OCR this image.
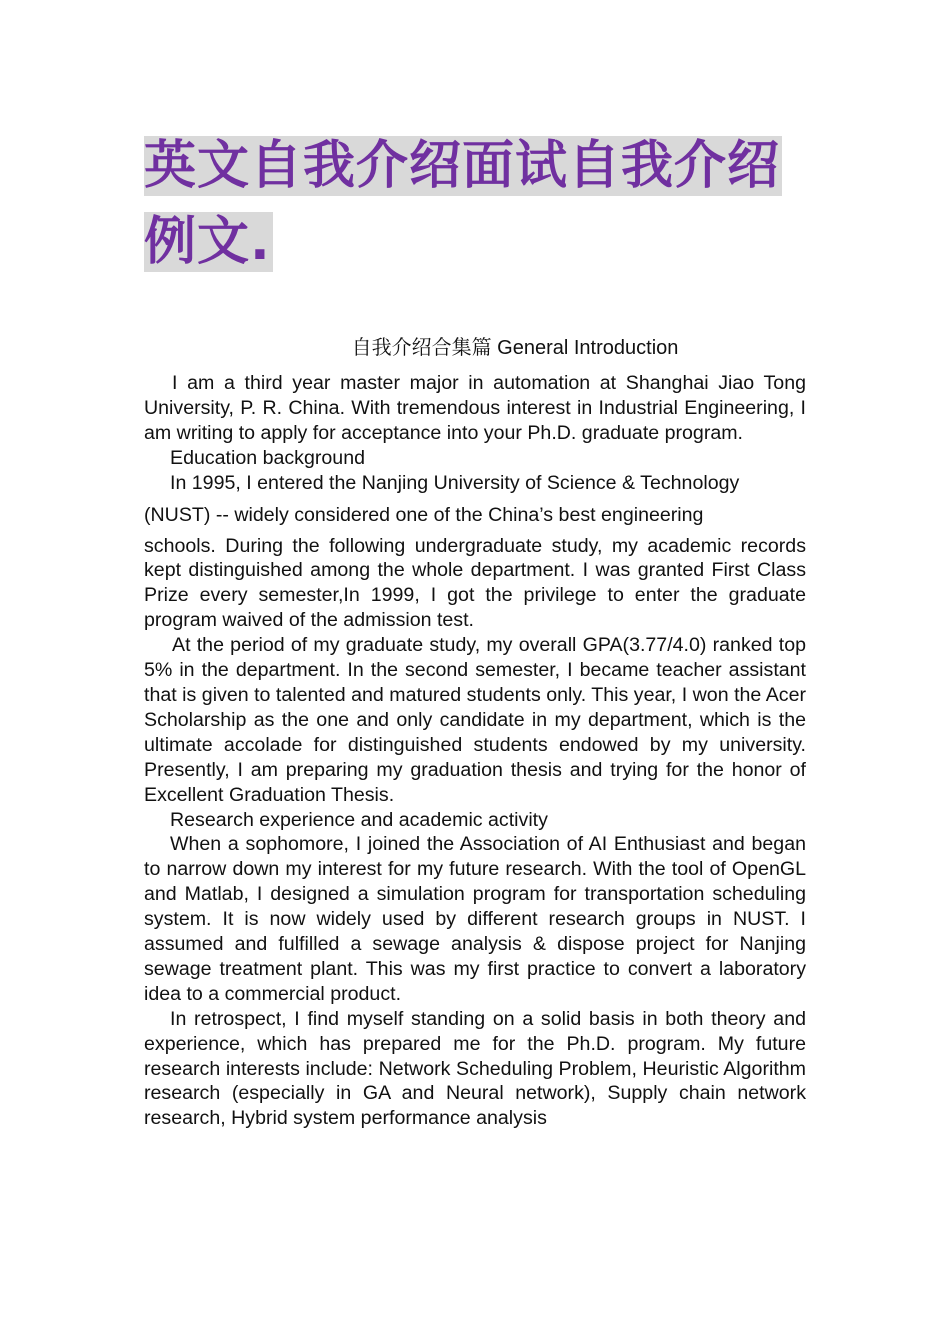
英文自我介绍面试自我介绍例文.

自我介绍合集篇 General Introduction

I am a third year master major in automation at Shanghai Jiao Tong University, P. R. China. With tremendous interest in Industrial Engineering, I am writing to apply for acceptance into your Ph.D. graduate program.

Education background

In 1995, I entered the Nanjing University of Science & Technology

(NUST) -- widely considered one of the China’s best engineering

schools. During the following undergraduate study, my academic records kept distinguished among the whole department. I was granted First Class Prize every semester,In 1999, I got the privilege to enter the graduate program waived of the admission test.

At the period of my graduate study, my overall GPA(3.77/4.0) ranked top 5% in the department. In the second semester, I became teacher assistant that is given to talented and matured students only. This year, I won the Acer Scholarship as the one and only candidate in my department, which is the ultimate accolade for distinguished students endowed by my university. Presently, I am preparing my graduation thesis and trying for the honor of Excellent Graduation Thesis.

Research experience and academic activity

When a sophomore, I joined the Association of AI Enthusiast and began to narrow down my interest for my future research. With the tool of OpenGL and Matlab, I designed a simulation program for transportation scheduling system. It is now widely used by different research groups in NUST. I assumed and fulfilled a sewage analysis & dispose project for Nanjing sewage treatment plant. This was my first practice to convert a laboratory idea to a commercial product.

In retrospect, I find myself standing on a solid basis in both theory and experience, which has prepared me for the Ph.D. program. My future research interests include: Network Scheduling Problem, Heuristic Algorithm research (especially in GA and Neural network), Supply chain network research, Hybrid system performance analysis
